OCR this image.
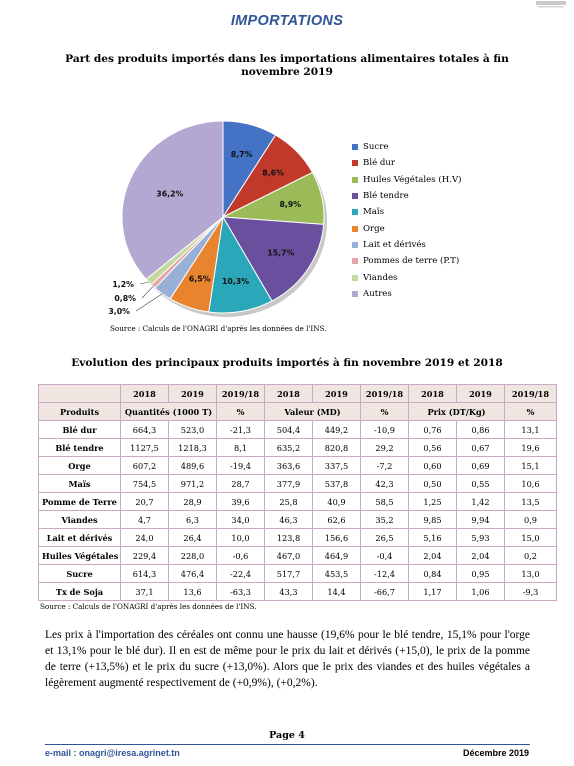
IMPORTATIONS
Part des produits importés dans les importations alimentaires totales à fin novembre 2019
8,7%
8,6%
8,9%
15,7%
10,3%
6,5%
3,0%
0,8%
1,2%
36,2%
Sucre
Blé dur
Huiles Végétales (H.V)
Blé tendre
Maïs
Orge
Lait et dérivés
Pommes de terre (P.T)
Viandes
Autres
Source : Calculs de l'ONAGRI d'après les données de l'INS.
Evolution des principaux produits importés à fin novembre 2019 et 2018
	2018	2019	2019/18	2018	2019	2019/18	2018	2019	2019/18
Produits	Quantités (1000 T)		%	Valeur (MD)		%	Prix (DT/Kg)		%
Blé dur	664,3	523,0	-21,3	504,4	449,2	-10,9	0,76	0,86	13,1
Blé tendre	1127,5	1218,3	8,1	635,2	820,8	29,2	0,56	0,67	19,6
Orge	607,2	489,6	-19,4	363,6	337,5	-7,2	0,60	0,69	15,1
Maïs	754,5	971,2	28,7	377,9	537,8	42,3	0,50	0,55	10,6
Pomme de Terre	20,7	28,9	39,6	25,8	40,9	58,5	1,25	1,42	13,5
Viandes	4,7	6,3	34,0	46,3	62,6	35,2	9,85	9,94	0,9
Lait et dérivés	24,0	26,4	10,0	123,8	156,6	26,5	5,16	5,93	15,0
Huiles Végétales	229,4	228,0	-0,6	467,0	464,9	-0,4	2,04	2,04	0,2
Sucre	614,3	476,4	-22,4	517,7	453,5	-12,4	0,84	0,95	13,0
Tx de Soja	37,1	13,6	-63,3	43,3	14,4	-66,7	1,17	1,06	-9,3
Source : Calculs de l'ONAGRI d'après les données de l'INS.
Les prix à l'importation des céréales ont connu une hausse (19,6% pour le blé tendre, 15,1% pour l'orge et 13,1% pour le blé dur). Il en est de même pour le prix du lait et dérivés (+15,0), le prix de la pomme de terre (+13,5%) et le prix du sucre (+13,0%). Alors que le prix des viandes et des huiles végétales a légèrement augmenté respectivement de (+0,9%), (+0,2%).
Page 4
e-mail : onagri@iresa.agrinet.tn	Décembre 2019
